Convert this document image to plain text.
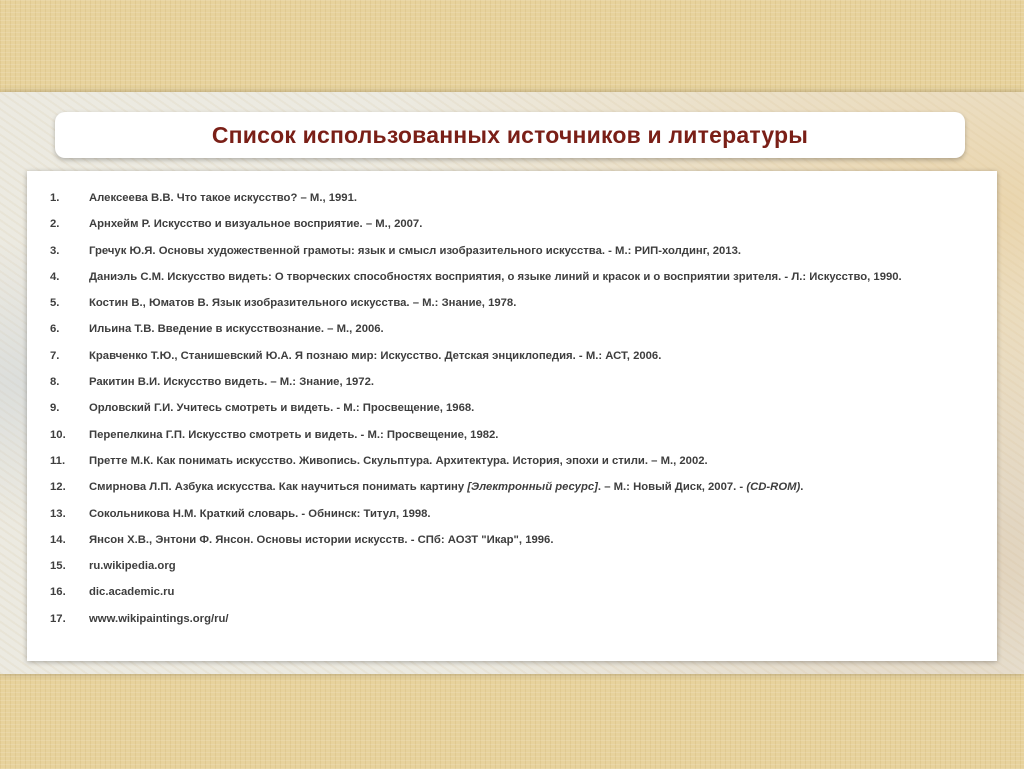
Список использованных источников и литературы
1.	Алексеева В.В. Что такое искусство? – М., 1991.
2.	Арнхейм Р. Искусство и визуальное восприятие. – М., 2007.
3.	Гречук Ю.Я. Основы художественной грамоты: язык и смысл изобразительного искусства. - М.: РИП-холдинг, 2013.
4.	Даниэль С.М. Искусство видеть: О творческих способностях восприятия, о языке линий и красок и о восприятии зрителя. - Л.: Искусство, 1990.
5.	Костин В., Юматов В. Язык изобразительного искусства. – М.: Знание, 1978.
6.	Ильина Т.В. Введение в искусствознание. – М., 2006.
7.	Кравченко Т.Ю., Станишевский Ю.А. Я познаю мир: Искусство. Детская энциклопедия. - М.: АСТ, 2006.
8.	Ракитин В.И. Искусство видеть. – М.: Знание, 1972.
9.	Орловский Г.И. Учитесь смотреть и видеть. - М.: Просвещение, 1968.
10. Перепелкина Г.П. Искусство смотреть и видеть. - М.: Просвещение, 1982.
11. Претте М.К. Как понимать искусство. Живопись. Скульптура. Архитектура. История, эпохи и стили. – М., 2002.
12. Смирнова Л.П. Азбука искусства. Как научиться понимать картину [Электронный ресурс]. – М.: Новый Диск, 2007. - (CD-ROM).
13. Сокольникова Н.М. Краткий словарь. - Обнинск: Титул, 1998.
14. Янсон Х.В., Энтони Ф. Янсон. Основы истории искусств. - СПб: АОЗТ "Икар", 1996.
15. ru.wikipedia.org
16. dic.academic.ru
17. www.wikipaintings.org/ru/
